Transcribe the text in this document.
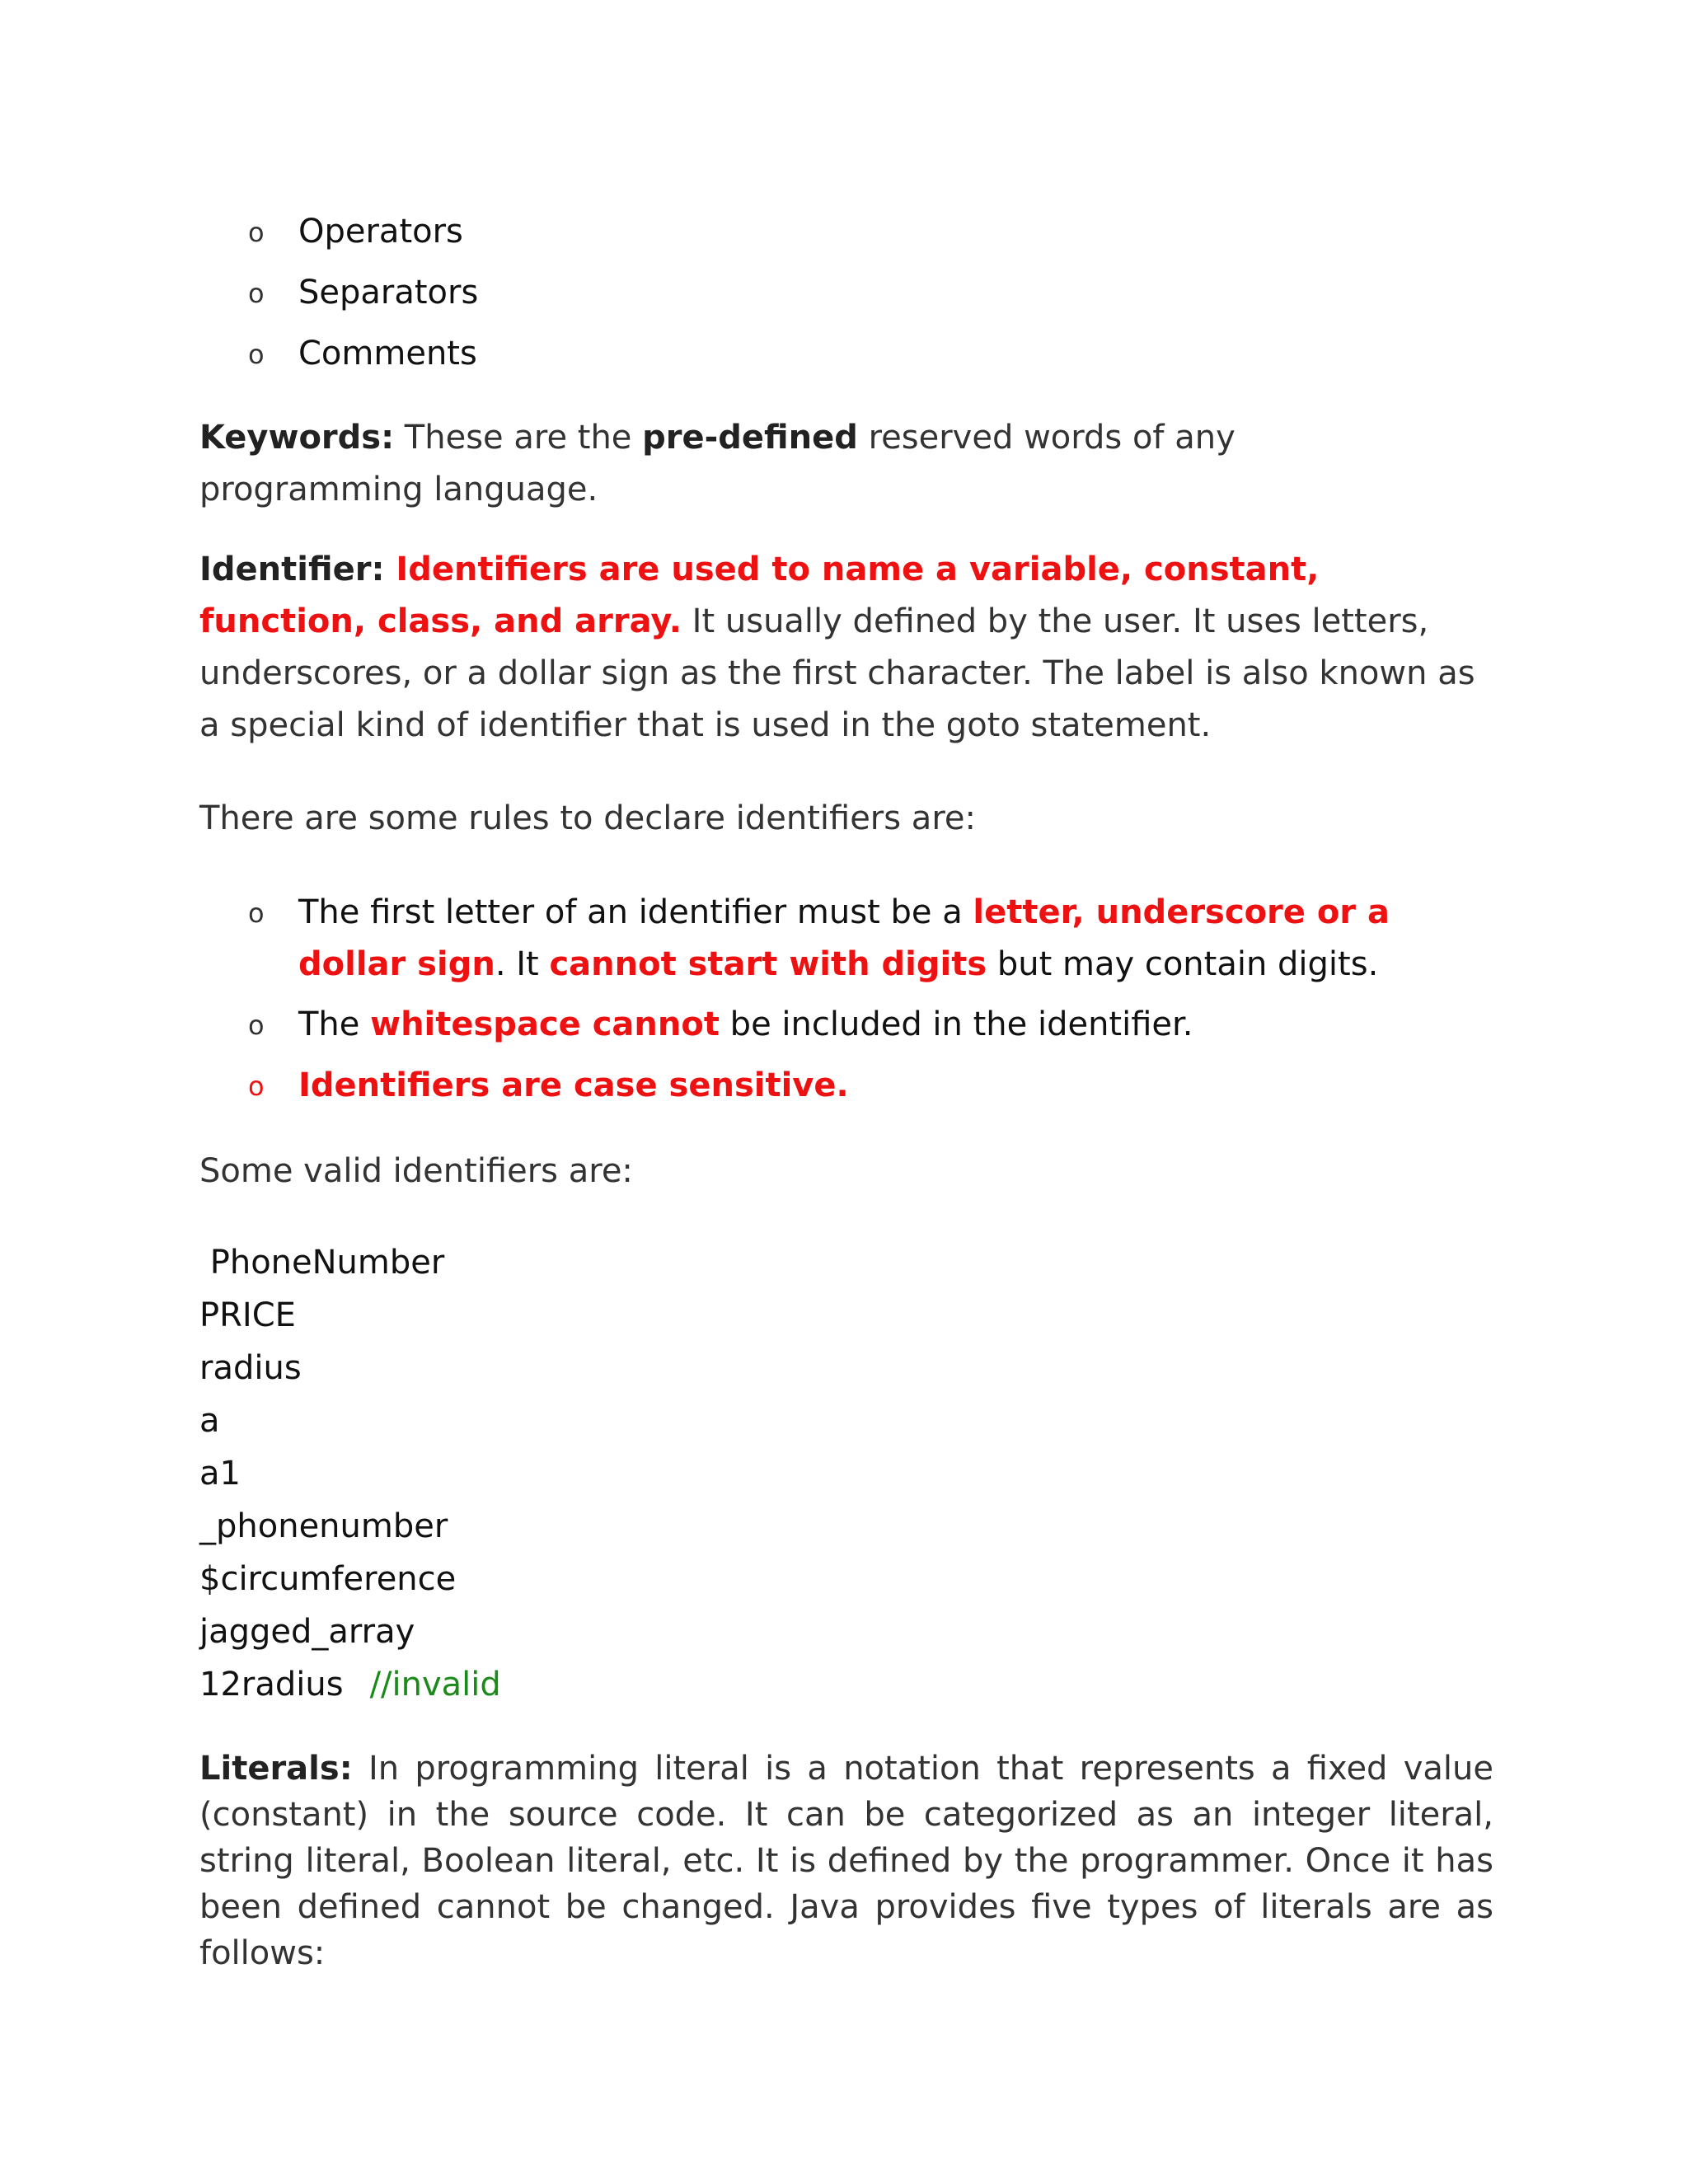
o Operators
o Separators
o Comments

Keywords: These are the pre-defined reserved words of any programming language.

Identifier: Identifiers are used to name a variable, constant, function, class, and array. It usually defined by the user. It uses letters, underscores, or a dollar sign as the first character. The label is also known as a special kind of identifier that is used in the goto statement.

There are some rules to declare identifiers are:

o The first letter of an identifier must be a letter, underscore or a dollar sign. It cannot start with digits but may contain digits.
o The whitespace cannot be included in the identifier.
o Identifiers are case sensitive.

Some valid identifiers are:

PhoneNumber
PRICE
radius
a
a1
_phonenumber
$circumference
jagged_array
12radius //invalid

Literals: In programming literal is a notation that represents a fixed value (constant) in the source code. It can be categorized as an integer literal, string literal, Boolean literal, etc. It is defined by the programmer. Once it has been defined cannot be changed. Java provides five types of literals are as follows:
